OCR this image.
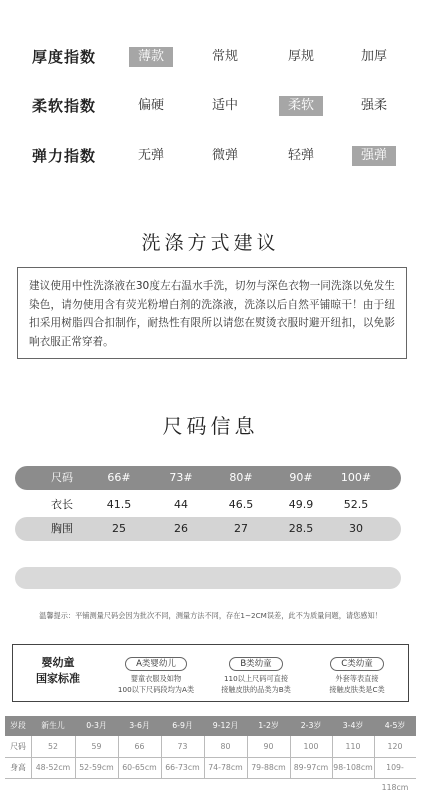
厚度指数	薄款	常规	厚规	加厚
柔软指数	偏硬	适中	柔软	强柔
弹力指数	无弹	微弹	轻弹	强弹
洗涤方式建议
建议使用中性洗涤液在30度左右温水手洗，切勿与深色衣物一同洗涤以免发生染色，请勿使用含有荧光粉增白剂的洗涤液，洗涤以后自然平铺晾干！由于纽扣采用树脂四合扣制作，耐热性有限所以请您在熨烫衣服时避开纽扣，以免影响衣服正常穿着。
尺码信息
尺码	66#	73#	80#	90#	100#
衣长	41.5	44	46.5	49.9	52.5
胸围	25	26	27	28.5	30
温馨提示：平铺测量尺码会因为批次不同，测量方法不同，存在1~2CM误差，此不为质量问题，请您感知！
婴幼童
国家标准
A类婴幼儿
婴童衣服及如物
100以下尺码段均为A类
B类幼童
110以上尺码可直接
接触皮肤的品类为B类
C类幼童
外套等表直接
接触皮肤类是C类
岁段	新生儿	0-3月	3-6月	6-9月	9-12月	1-2岁	2-3岁	3-4岁	4-5岁
尺码	52	59	66	73	80	90	100	110	120
身高	48-52cm	52-59cm	60-65cm	66-73cm	74-78cm	79-88cm	89-97cm 98-108cm	109-118cm
